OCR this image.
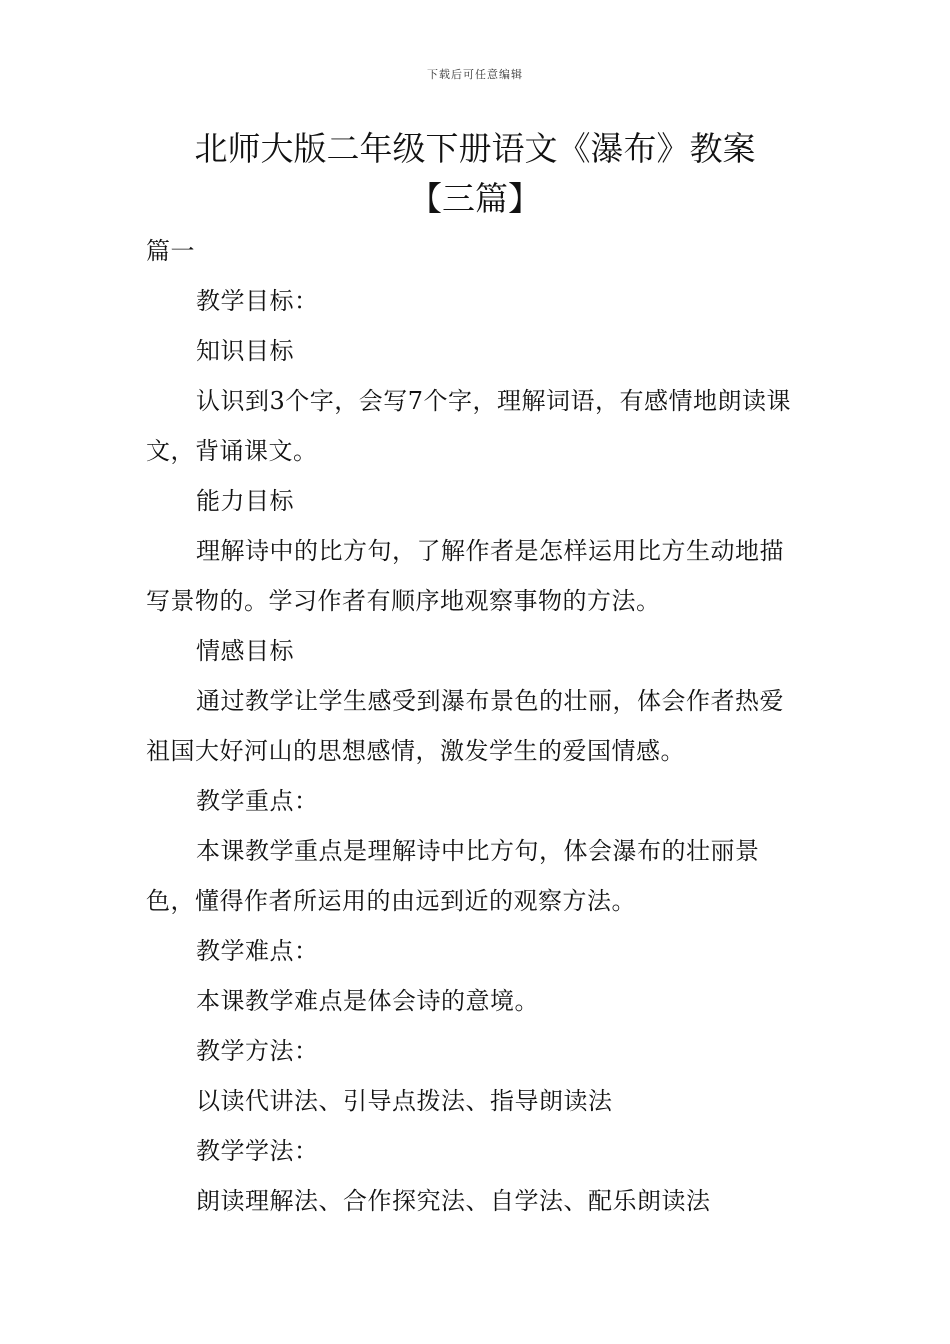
下载后可任意编辑
北师大版二年级下册语文《瀑布》教案
【三篇】

篇一

教学目标：

知识目标

认识到3个字，会写7个字，理解词语，有感情地朗读课文，背诵课文。

能力目标

理解诗中的比方句，了解作者是怎样运用比方生动地描写景物的。学习作者有顺序地观察事物的方法。

情感目标

通过教学让学生感受到瀑布景色的壮丽，体会作者热爱祖国大好河山的思想感情，激发学生的爱国情感。

教学重点：

本课教学重点是理解诗中比方句，体会瀑布的壮丽景色，懂得作者所运用的由远到近的观察方法。

教学难点：

本课教学难点是体会诗的意境。

教学方法：

以读代讲法、引导点拨法、指导朗读法

教学学法：

朗读理解法、合作探究法、自学法、配乐朗读法
